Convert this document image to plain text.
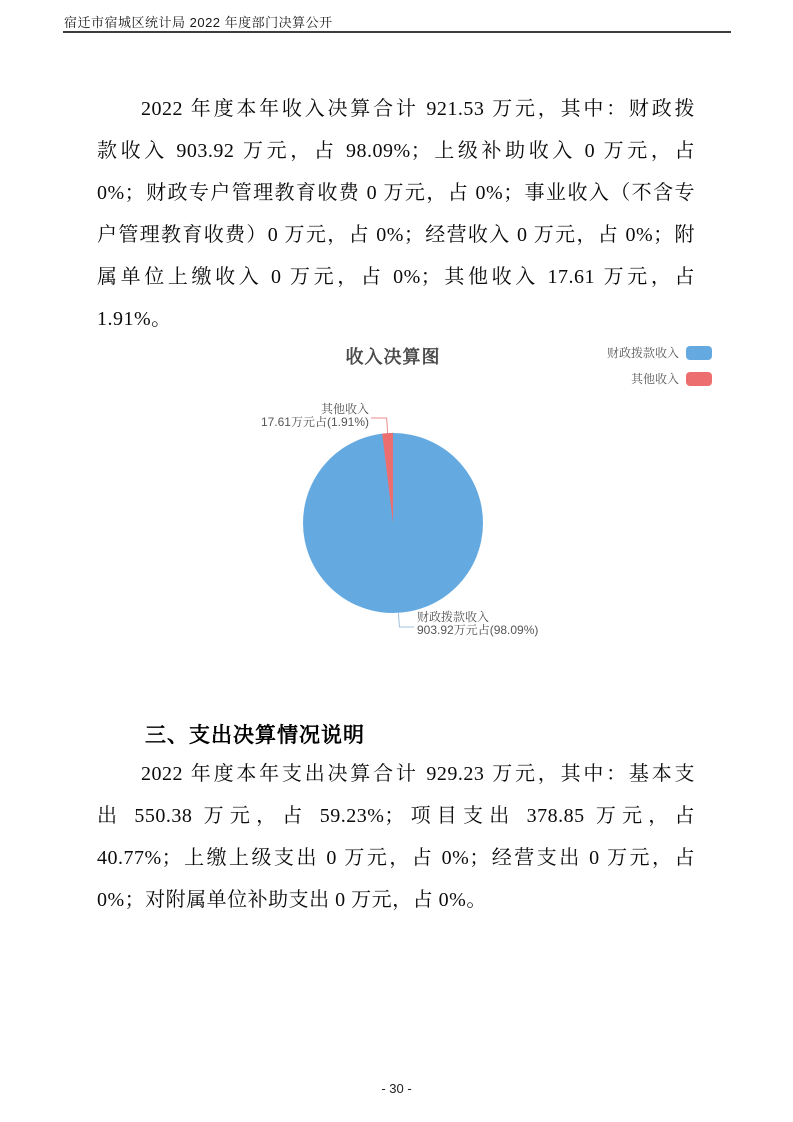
宿迁市宿城区统计局 2022 年度部门决算公开
2022 年度本年收入决算合计 921.53 万元，其中：财政拨
款收入 903.92 万元，占 98.09%；上级补助收入 0 万元，占
0%；财政专户管理教育收费 0 万元，占 0%；事业收入（不含专
户管理教育收费）0 万元，占 0%；经营收入 0 万元，占 0%；附
属单位上缴收入 0 万元，占 0%；其他收入 17.61 万元，占
1.91%。
收入决算图	财政拨款收入
其他收入
其他收入
17.61万元占(1.91%)
财政拨款收入
903.92万元占(98.09%)
三、支出决算情况说明
2022 年度本年支出决算合计 929.23 万元，其中：基本支
出 550.38 万元，占 59.23%；项目支出 378.85 万元，占
40.77%；上缴上级支出 0 万元，占 0%；经营支出 0 万元，占
0%；对附属单位补助支出 0 万元，占 0%。
- 30 -
